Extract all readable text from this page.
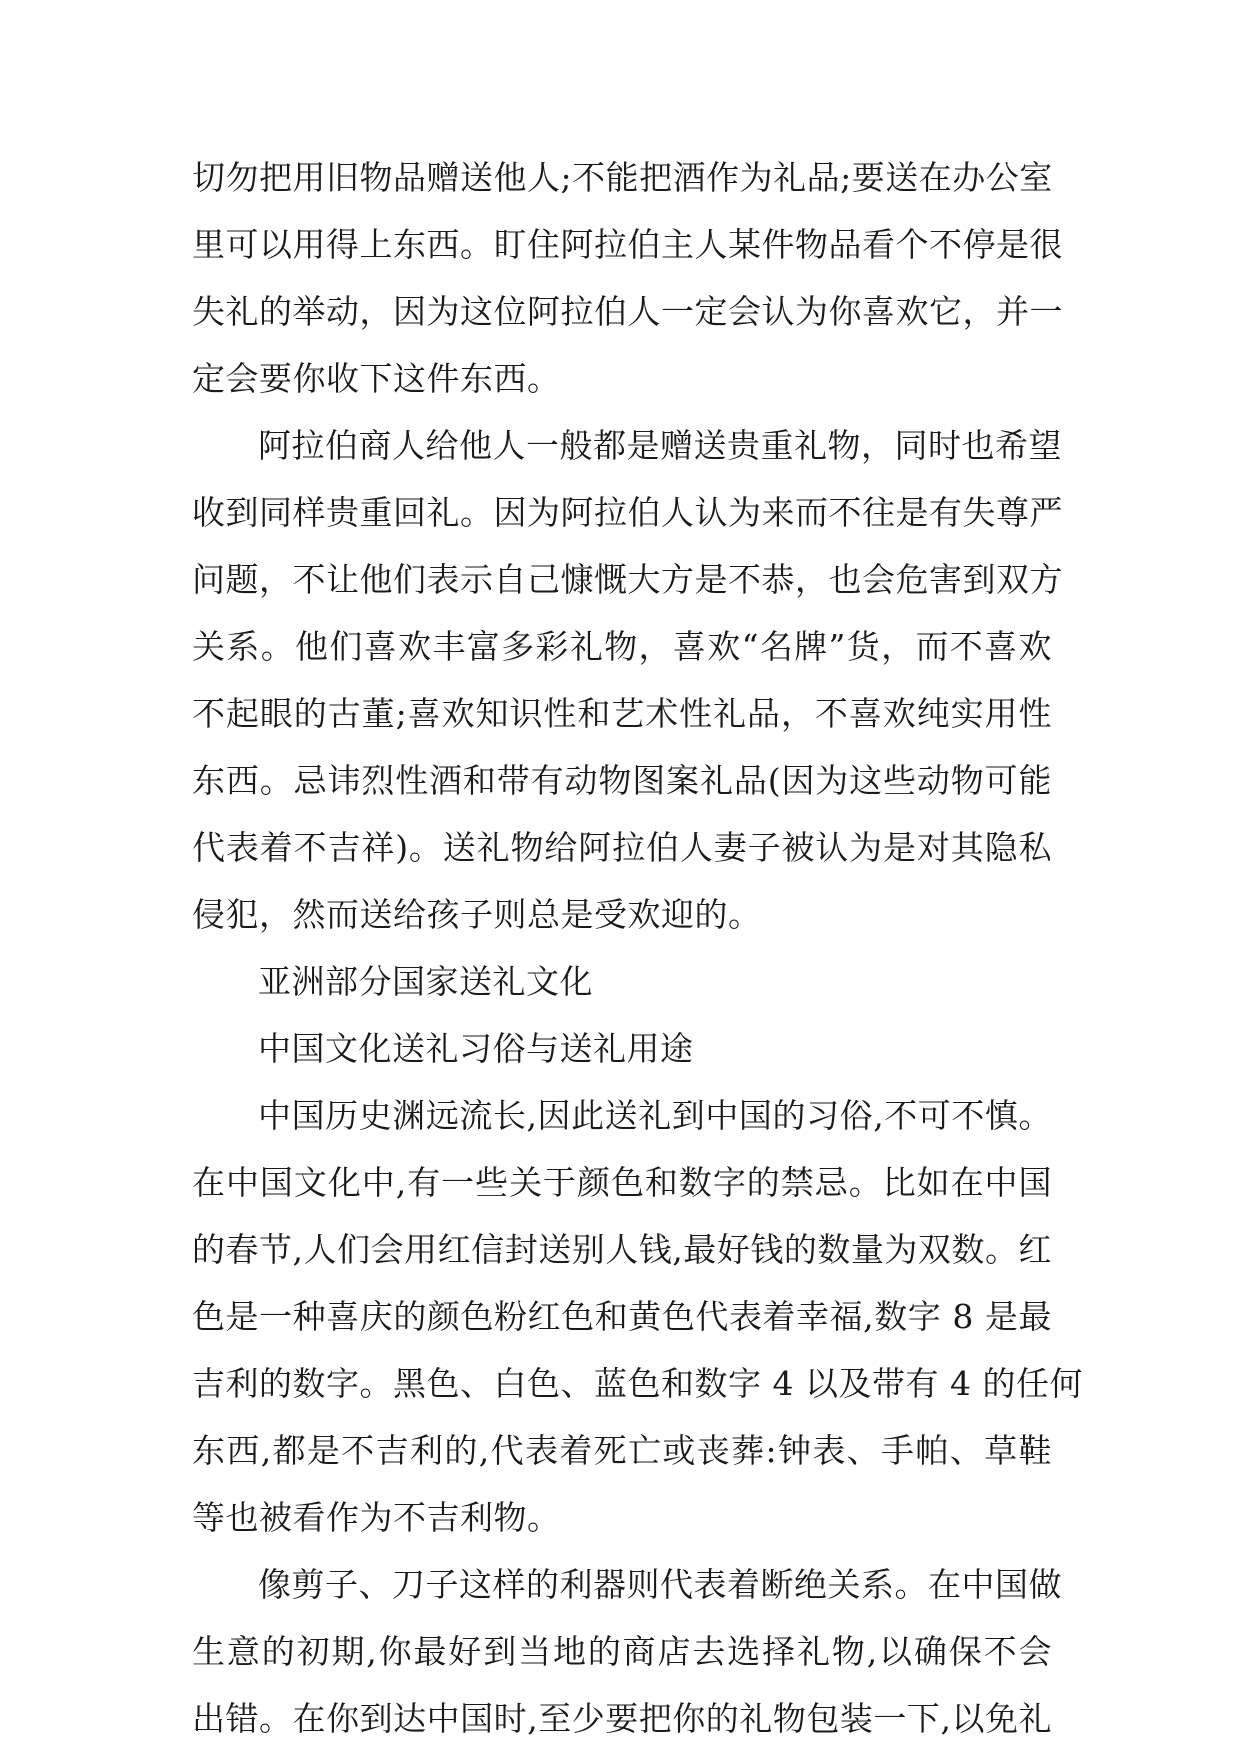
切勿把用旧物品赠送他人;不能把酒作为礼品;要送在办公室
里可以用得上东西。盯住阿拉伯主人某件物品看个不停是很
失礼的举动，因为这位阿拉伯人一定会认为你喜欢它，并一
定会要你收下这件东西。
阿拉伯商人给他人一般都是赠送贵重礼物，同时也希望
收到同样贵重回礼。因为阿拉伯人认为来而不往是有失尊严
问题，不让他们表示自己慷慨大方是不恭，也会危害到双方
关系。他们喜欢丰富多彩礼物，喜欢“名牌”货，而不喜欢
不起眼的古董;喜欢知识性和艺术性礼品，不喜欢纯实用性
东西。忌讳烈性酒和带有动物图案礼品(因为这些动物可能
代表着不吉祥)。送礼物给阿拉伯人妻子被认为是对其隐私
侵犯，然而送给孩子则总是受欢迎的。
亚洲部分国家送礼文化
中国文化送礼习俗与送礼用途
中国历史渊远流长,因此送礼到中国的习俗,不可不慎。
在中国文化中,有一些关于颜色和数字的禁忌。比如在中国
的春节,人们会用红信封送别人钱,最好钱的数量为双数。红
色是一种喜庆的颜色粉红色和黄色代表着幸福,数字 8 是最
吉利的数字。黑色、白色、蓝色和数字 4 以及带有 4 的任何
东西,都是不吉利的,代表着死亡或丧葬:钟表、手帕、草鞋
等也被看作为不吉利物。
像剪子、刀子这样的利器则代表着断绝关系。在中国做
生意的初期,你最好到当地的商店去选择礼物,以确保不会
出错。在你到达中国时,至少要把你的礼物包装一下,以免礼
